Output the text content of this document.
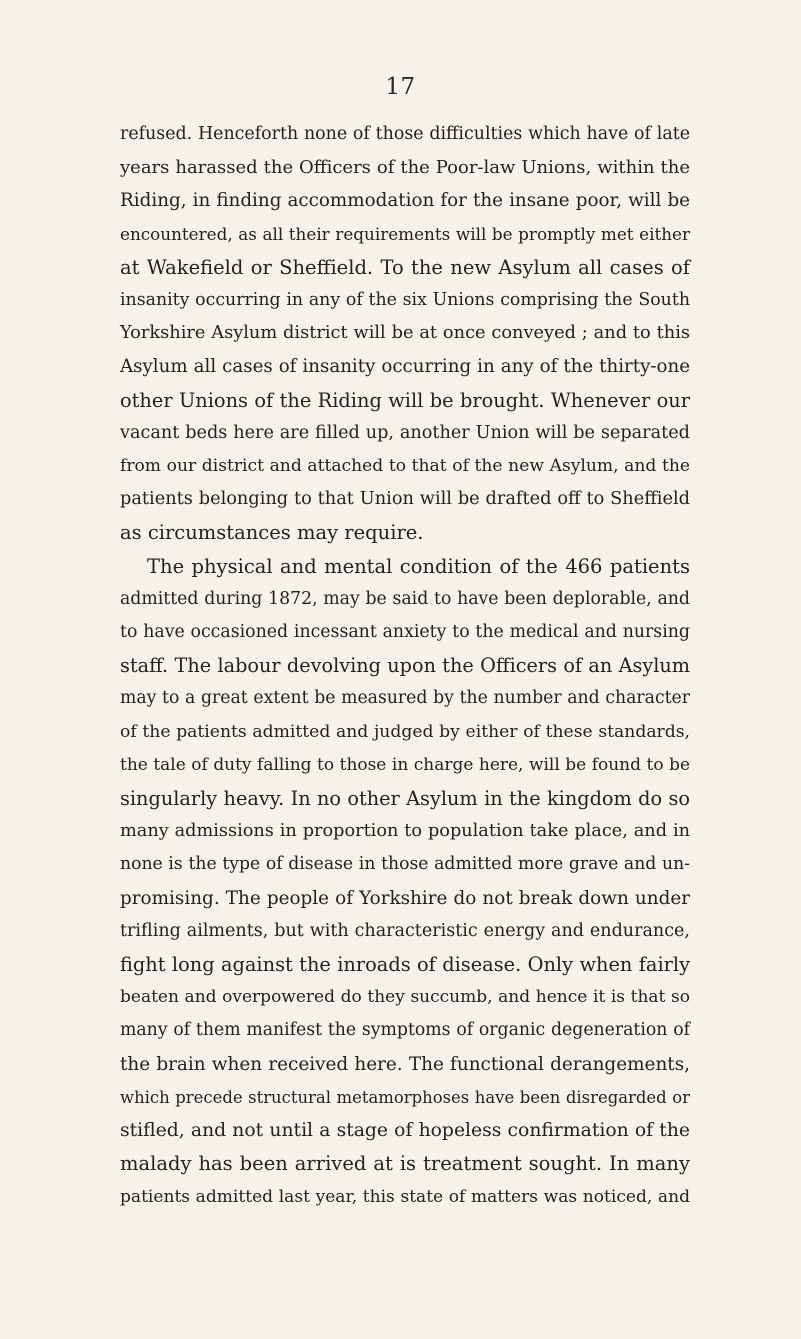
17
refused. Henceforth none of those difficulties which have of late
years harassed the Officers of the Poor-law Unions, within the
Riding, in finding accommodation for the insane poor, will be
encountered, as all their requirements will be promptly met either
at Wakefield or Sheffield. To the new Asylum all cases of
insanity occurring in any of the six Unions comprising the South
Yorkshire Asylum district will be at once conveyed ; and to this
Asylum all cases of insanity occurring in any of the thirty-one
other Unions of the Riding will be brought. Whenever our
vacant beds here are filled up, another Union will be separated
from our district and attached to that of the new Asylum, and the
patients belonging to that Union will be drafted off to Sheffield
as circumstances may require.
The physical and mental condition of the 466 patients
admitted during 1872, may be said to have been deplorable, and
to have occasioned incessant anxiety to the medical and nursing
staff. The labour devolving upon the Officers of an Asylum
may to a great extent be measured by the number and character
of the patients admitted and judged by either of these standards,
the tale of duty falling to those in charge here, will be found to be
singularly heavy. In no other Asylum in the kingdom do so
many admissions in proportion to population take place, and in
none is the type of disease in those admitted more grave and un-
promising. The people of Yorkshire do not break down under
trifling ailments, but with characteristic energy and endurance,
fight long against the inroads of disease. Only when fairly
beaten and overpowered do they succumb, and hence it is that so
many of them manifest the symptoms of organic degeneration of
the brain when received here. The functional derangements,
which precede structural metamorphoses have been disregarded or
stifled, and not until a stage of hopeless confirmation of the
malady has been arrived at is treatment sought. In many
patients admitted last year, this state of matters was noticed, and
